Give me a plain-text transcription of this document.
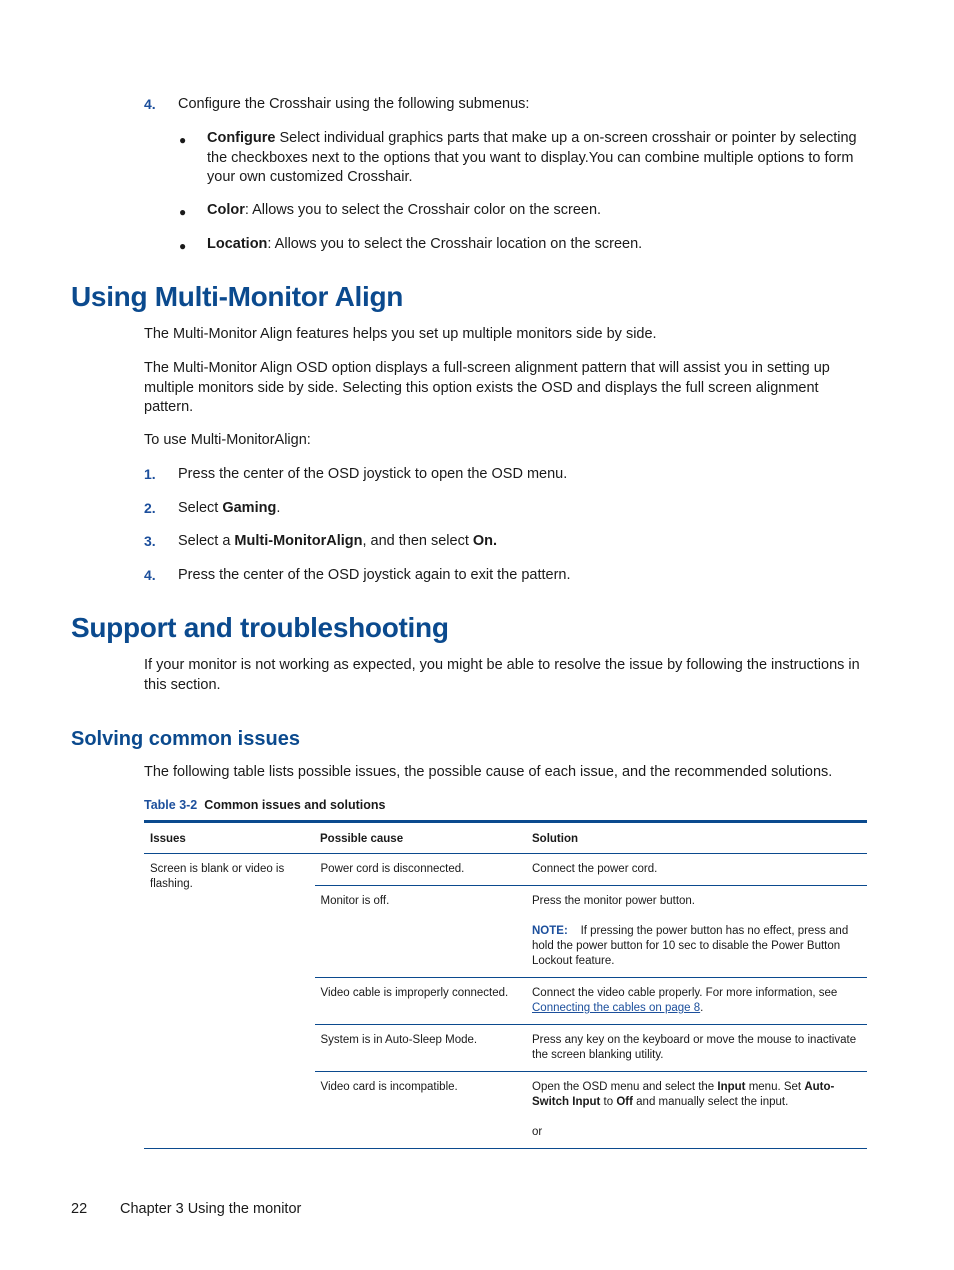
4. Configure the Crosshair using the following submenus:
● Configure Select individual graphics parts that make up a on-screen crosshair or pointer by selecting the checkboxes next to the options that you want to display.You can combine multiple options to form your own customized Crosshair.
● Color: Allows you to select the Crosshair color on the screen.
● Location: Allows you to select the Crosshair location on the screen.
Using Multi-Monitor Align
The Multi-Monitor Align features helps you set up multiple monitors side by side.
The Multi-Monitor Align OSD option displays a full-screen alignment pattern that will assist you in setting up multiple monitors side by side. Selecting this option exists the OSD and displays the full screen alignment pattern.
To use Multi-MonitorAlign:
1. Press the center of the OSD joystick to open the OSD menu.
2. Select Gaming.
3. Select a Multi-MonitorAlign, and then select On.
4. Press the center of the OSD joystick again to exit the pattern.
Support and troubleshooting
If your monitor is not working as expected, you might be able to resolve the issue by following the instructions in this section.
Solving common issues
The following table lists possible issues, the possible cause of each issue, and the recommended solutions.
Table 3-2 Common issues and solutions
Issues	Possible cause	Solution
Screen is blank or video is flashing.	Power cord is disconnected.	Connect the power cord.
	Monitor is off.	Press the monitor power button.
NOTE: If pressing the power button has no effect, press and hold the power button for 10 sec to disable the Power Button Lockout feature.

	Video cable is improperly connected.	Connect the video cable properly. For more information, see Connecting the cables on page 8.
	System is in Auto-Sleep Mode.	Press any key on the keyboard or move the mouse to inactivate the screen blanking utility.
	Video card is incompatible.	Open the OSD menu and select the Input menu. Set Auto-Switch Input to Off and manually select the input.
or
22 Chapter 3 Using the monitor
